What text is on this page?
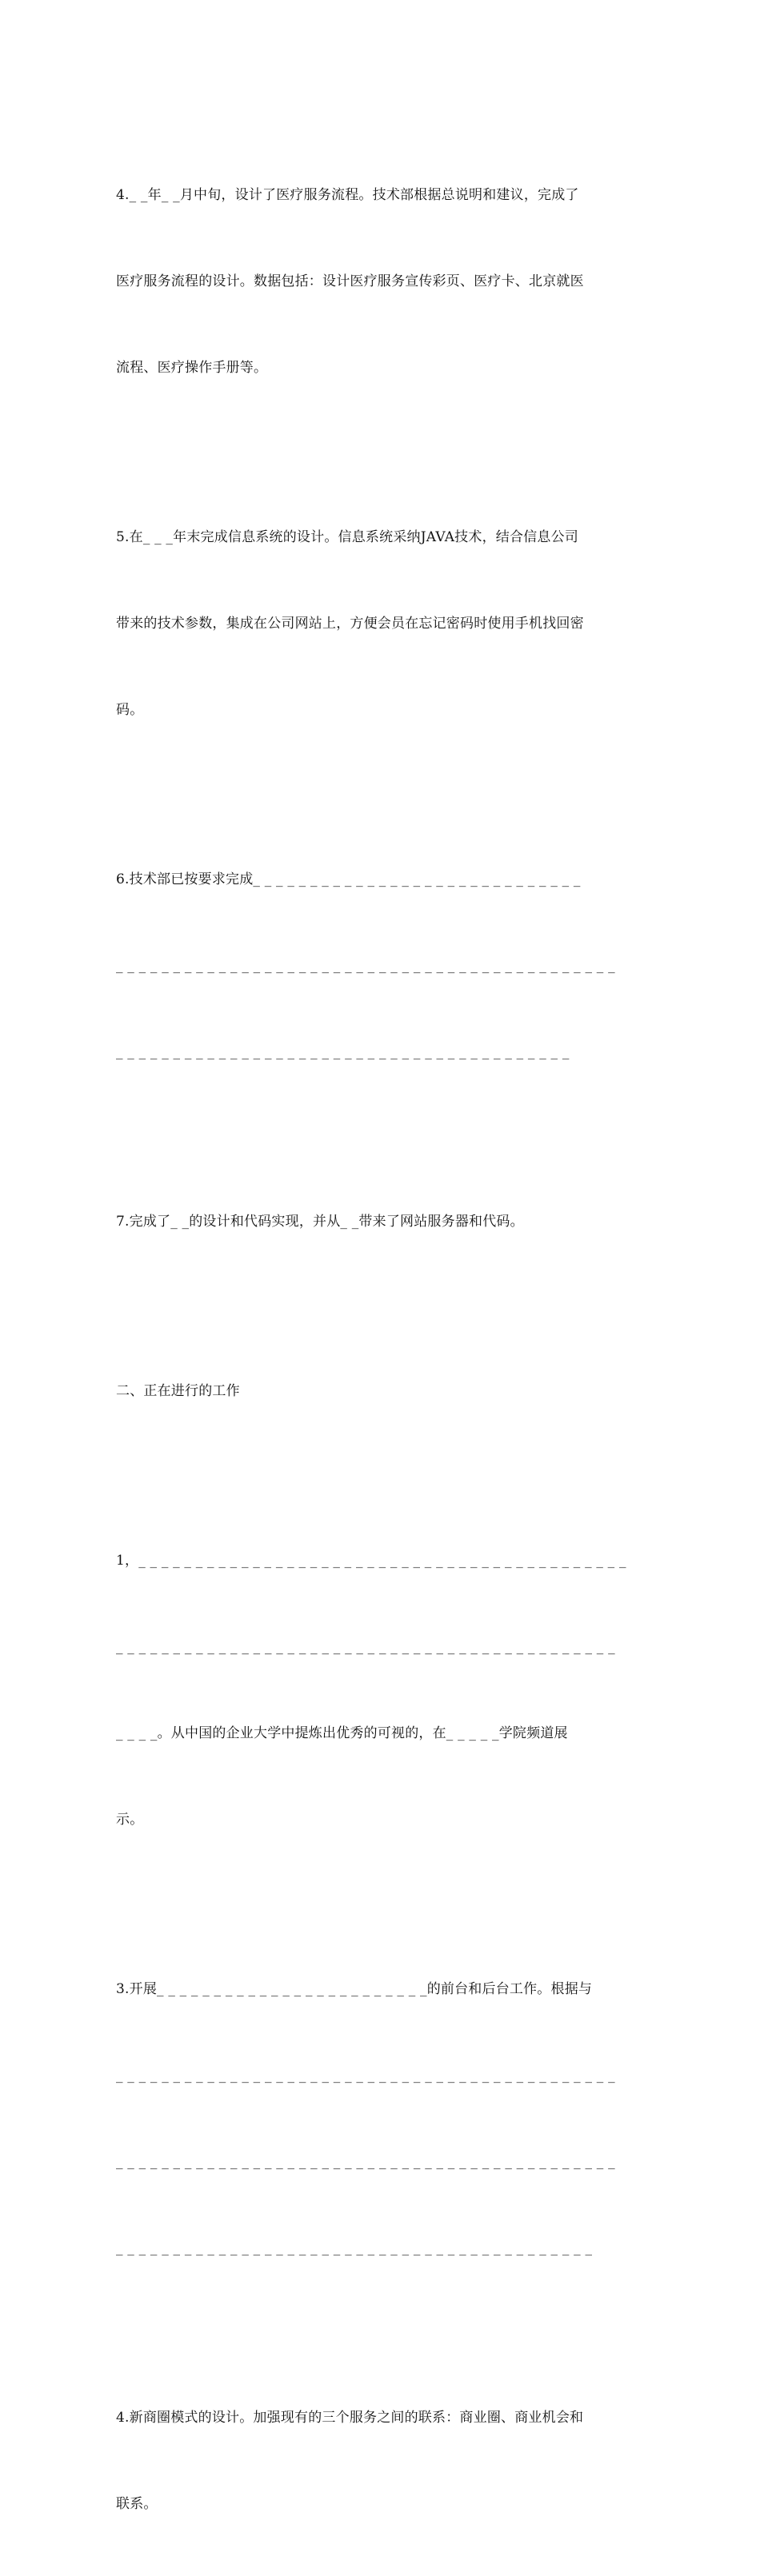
4._ _年_ _月中旬，设计了医疗服务流程。技术部根据总说明和建议，完成了

医疗服务流程的设计。数据包括：设计医疗服务宣传彩页、医疗卡、北京就医

流程、医疗操作手册等。

5.在_ _ _年末完成信息系统的设计。信息系统采纳JAVA技术，结合信息公司

带来的技术参数，集成在公司网站上，方便会员在忘记密码时使用手机找回密

码。

6.技术部已按要求完成_ _ _ _ _ _ _ _ _ _ _ _ _ _ _ _ _ _ _ _ _ _ _ _ _ _ _ _ _

_ _ _ _ _ _ _ _ _ _ _ _ _ _ _ _ _ _ _ _ _ _ _ _ _ _ _ _ _ _ _ _ _ _ _ _ _ _ _ _ _ _ _ _

_ _ _ _ _ _ _ _ _ _ _ _ _ _ _ _ _ _ _ _ _ _ _ _ _ _ _ _ _ _ _ _ _ _ _ _ _ _ _ _

7.完成了_ _的设计和代码实现，并从_ _带来了网站服务器和代码。

二、正在进行的工作

1，_ _ _ _ _ _ _ _ _ _ _ _ _ _ _ _ _ _ _ _ _ _ _ _ _ _ _ _ _ _ _ _ _ _ _ _ _ _ _ _ _ _ _

_ _ _ _ _ _ _ _ _ _ _ _ _ _ _ _ _ _ _ _ _ _ _ _ _ _ _ _ _ _ _ _ _ _ _ _ _ _ _ _ _ _ _ _

_ _ _ _。从中国的企业大学中提炼出优秀的可视的，在_ _ _ _ _学院频道展

示。

3.开展_ _ _ _ _ _ _ _ _ _ _ _ _ _ _ _ _ _ _ _ _ _ _ _的前台和后台工作。根据与

_ _ _ _ _ _ _ _ _ _ _ _ _ _ _ _ _ _ _ _ _ _ _ _ _ _ _ _ _ _ _ _ _ _ _ _ _ _ _ _ _ _ _ _

_ _ _ _ _ _ _ _ _ _ _ _ _ _ _ _ _ _ _ _ _ _ _ _ _ _ _ _ _ _ _ _ _ _ _ _ _ _ _ _ _ _ _ _

_ _ _ _ _ _ _ _ _ _ _ _ _ _ _ _ _ _ _ _ _ _ _ _ _ _ _ _ _ _ _ _ _ _ _ _ _ _ _ _ _ _

4.新商圈模式的设计。加强现有的三个服务之间的联系：商业圈、商业机会和

联系。
